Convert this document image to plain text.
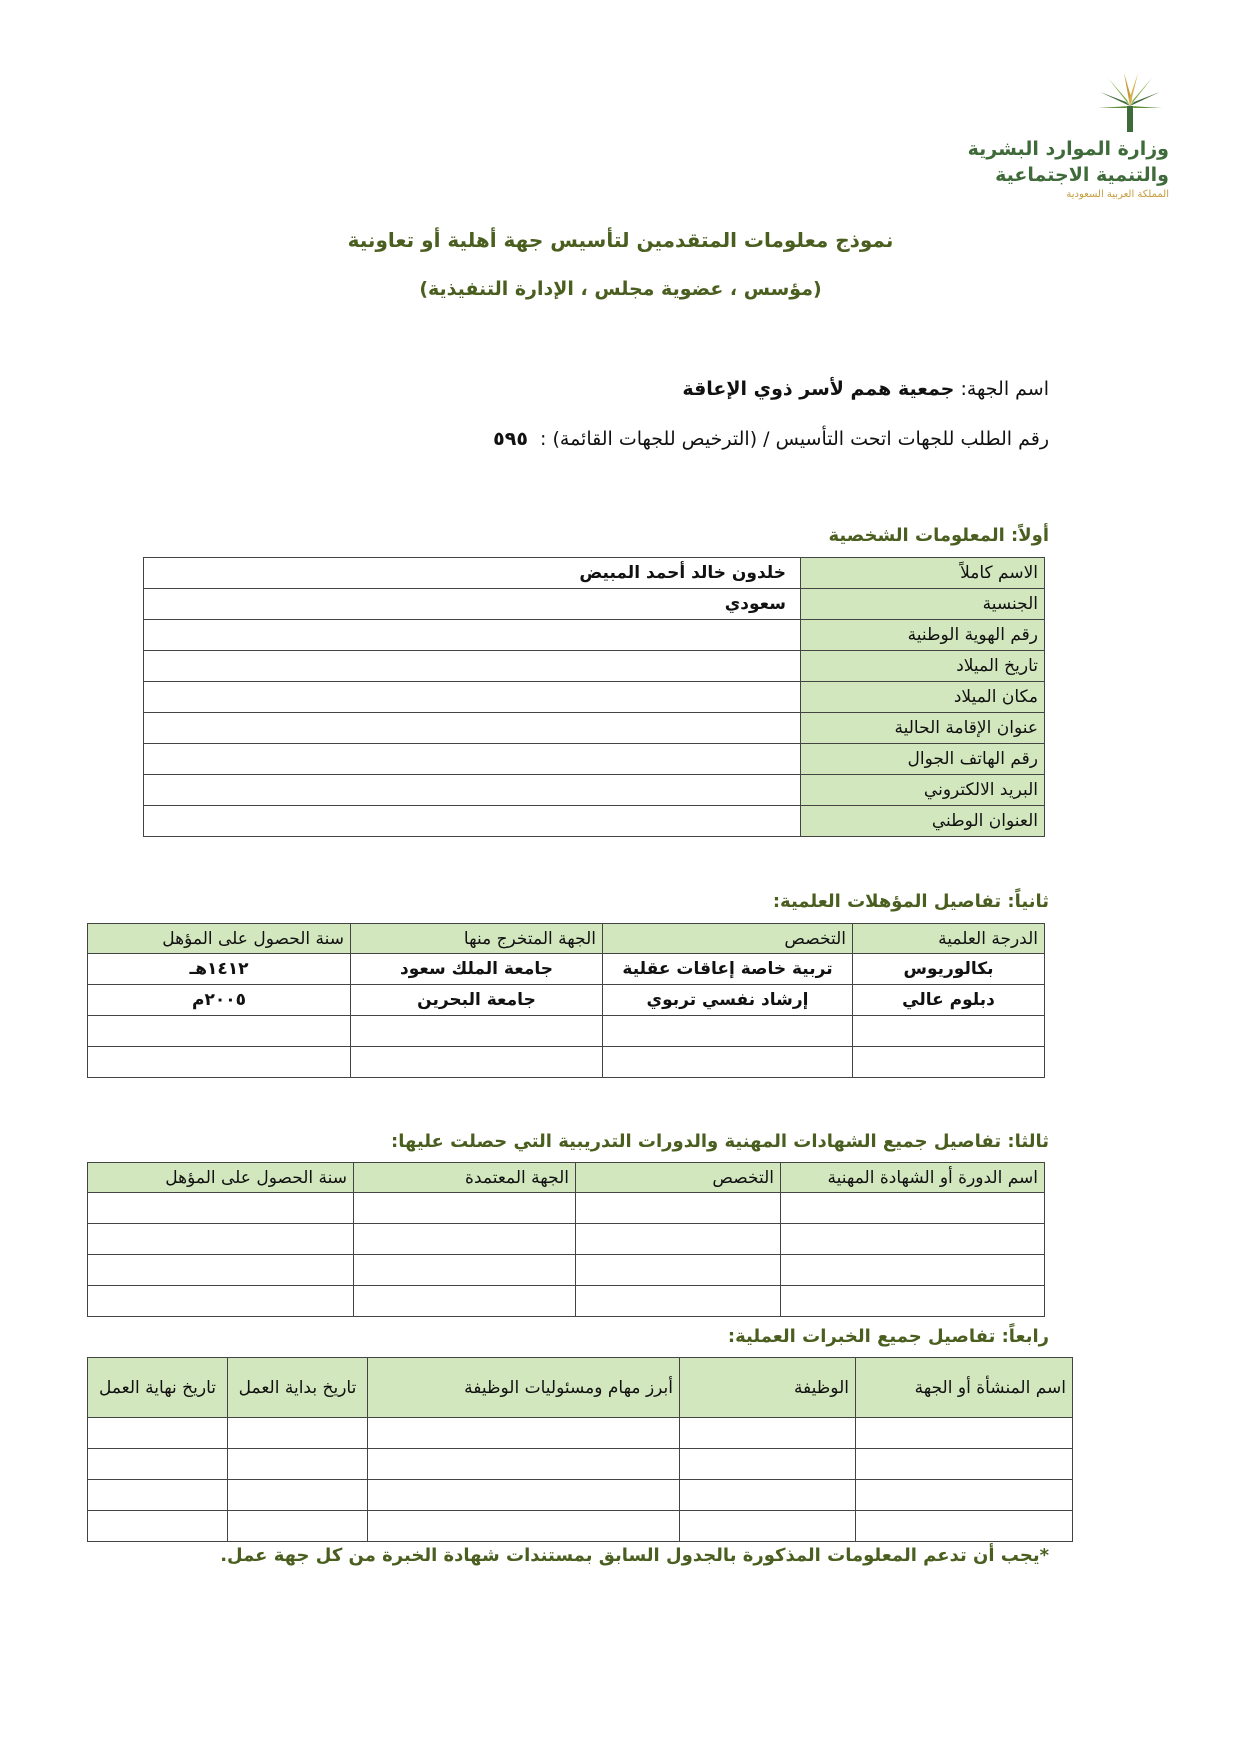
وزارة الموارد البشرية
والتنمية الاجتماعية
المملكة العربية السعودية
نموذج معلومات المتقدمين لتأسيس جهة أهلية أو تعاونية
(مؤسس ، عضوية مجلس ، الإدارة التنفيذية)
اسم الجهة: جمعية همم لأسر ذوي الإعاقة
رقم الطلب للجهات اتحت التأسيس / (الترخيص للجهات القائمة) :  ٥٩٥
أولاً: المعلومات الشخصية
الاسم كاملاً	خلدون خالد أحمد المبيض
الجنسية	سعودي
رقم الهوية الوطنية	
تاريخ الميلاد	
مكان الميلاد	
عنوان الإقامة الحالية	
رقم الهاتف الجوال	
البريد الالكتروني	
العنوان الوطني	
ثانياً: تفاصيل المؤهلات العلمية:
الدرجة العلمية	التخصص	الجهة المتخرج منها	سنة الحصول على المؤهل
بكالوريوس	تربية خاصة إعاقات عقلية	جامعة الملك سعود	١٤١٢هـ
دبلوم عالي	إرشاد نفسي تربوي	جامعة البحرين	٢٠٠٥م

ثالثا: تفاصيل جميع الشهادات المهنية والدورات التدريبية التي حصلت عليها:
اسم الدورة أو الشهادة المهنية	التخصص	الجهة المعتمدة	سنة الحصول على المؤهل

رابعاً: تفاصيل جميع الخبرات العملية:
اسم المنشأة أو الجهة	الوظيفة	أبرز مهام ومسئوليات الوظيفة	تاريخ بداية العمل	تاريخ نهاية العمل

*يجب أن تدعم المعلومات المذكورة بالجدول السابق بمستندات شهادة الخبرة من كل جهة عمل.
